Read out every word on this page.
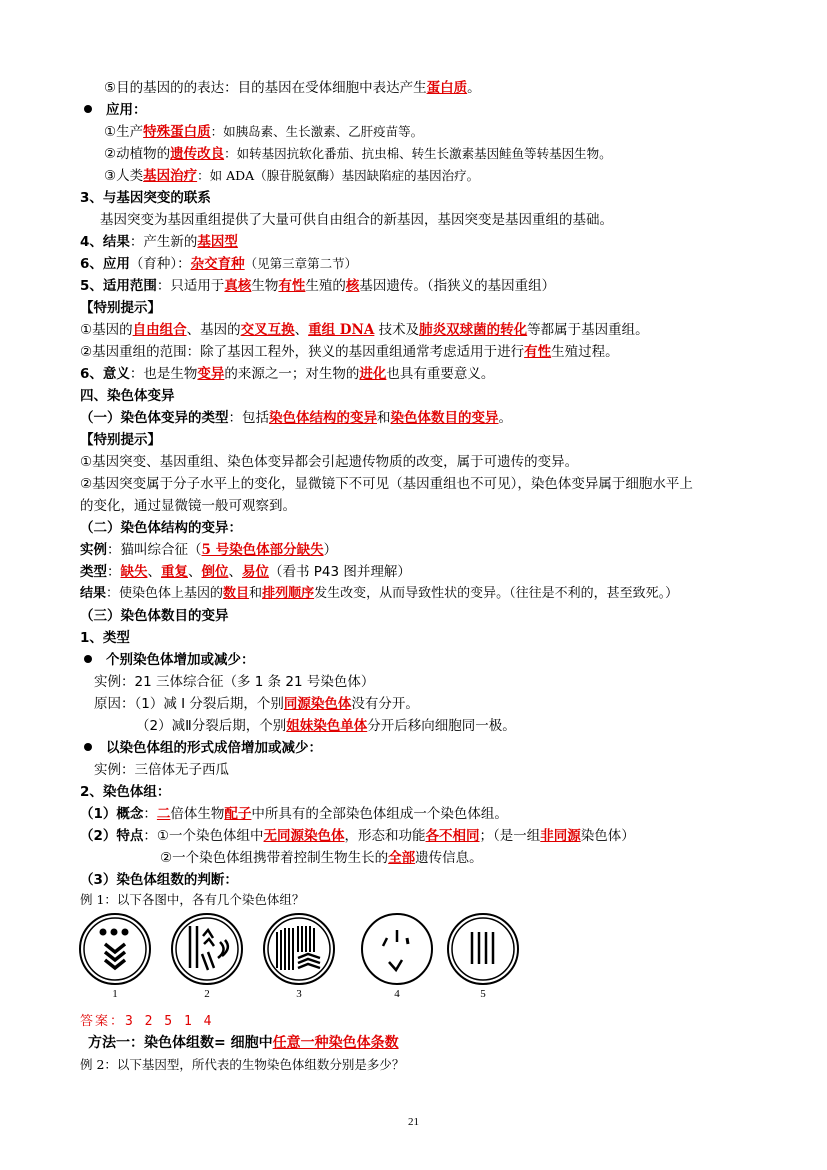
⑤目的基因的的表达：目的基因在受体细胞中表达产生蛋白质。
应用：
①生产特殊蛋白质：如胰岛素、生长激素、乙肝疫苗等。
②动植物的遗传改良：如转基因抗软化番茄、抗虫棉、转生长激素基因鲑鱼等转基因生物。
③人类基因治疗：如 ADA（腺苷脱氨酶）基因缺陷症的基因治疗。
3、与基因突变的联系
基因突变为基因重组提供了大量可供自由组合的新基因，基因突变是基因重组的基础。
4、结果：产生新的基因型
6、应用（育种）：杂交育种（见第三章第二节）
5、适用范围：只适用于真核生物有性生殖的核基因遗传。（指狭义的基因重组）
【特别提示】
①基因的自由组合、基因的交叉互换、重组 DNA 技术及肺炎双球菌的转化等都属于基因重组。
②基因重组的范围：除了基因工程外，狭义的基因重组通常考虑适用于进行有性生殖过程。
6、意义：也是生物变异的来源之一；对生物的进化也具有重要意义。
四、染色体变异
（一）染色体变异的类型：包括染色体结构的变异和染色体数目的变异。
【特别提示】
①基因突变、基因重组、染色体变异都会引起遗传物质的改变，属于可遗传的变异。
②基因突变属于分子水平上的变化，显微镜下不可见（基因重组也不可见），染色体变异属于细胞水平上
的变化，通过显微镜一般可观察到。
（二）染色体结构的变异：
实例：猫叫综合征（5 号染色体部分缺失）
类型：缺失、重复、倒位、易位（看书 P43 图并理解）
结果：使染色体上基因的数目和排列顺序发生改变，从而导致性状的变异。（往往是不利的，甚至致死。）
（三）染色体数目的变异
1、类型
个别染色体增加或减少：
实例：21 三体综合征（多 1 条 21 号染色体）
原因：（1）减 I 分裂后期，个别同源染色体没有分开。
（2）减Ⅱ分裂后期，个别姐妹染色单体分开后移向细胞同一极。
以染色体组的形式成倍增加或减少：
实例：三倍体无子西瓜
2、染色体组：
（1）概念：二倍体生物配子中所具有的全部染色体组成一个染色体组。
（2）特点：①一个染色体组中无同源染色体，形态和功能各不相同；（是一组非同源染色体）
②一个染色体组携带着控制生物生长的全部遗传信息。
（3）染色体组数的判断：
例 1：以下各图中，各有几个染色体组？
1	2	3	4	5
答案：3 2 5 1 4
方法一：染色体组数= 细胞中任意一种染色体条数
例 2：以下基因型，所代表的生物染色体组数分别是多少？
21
